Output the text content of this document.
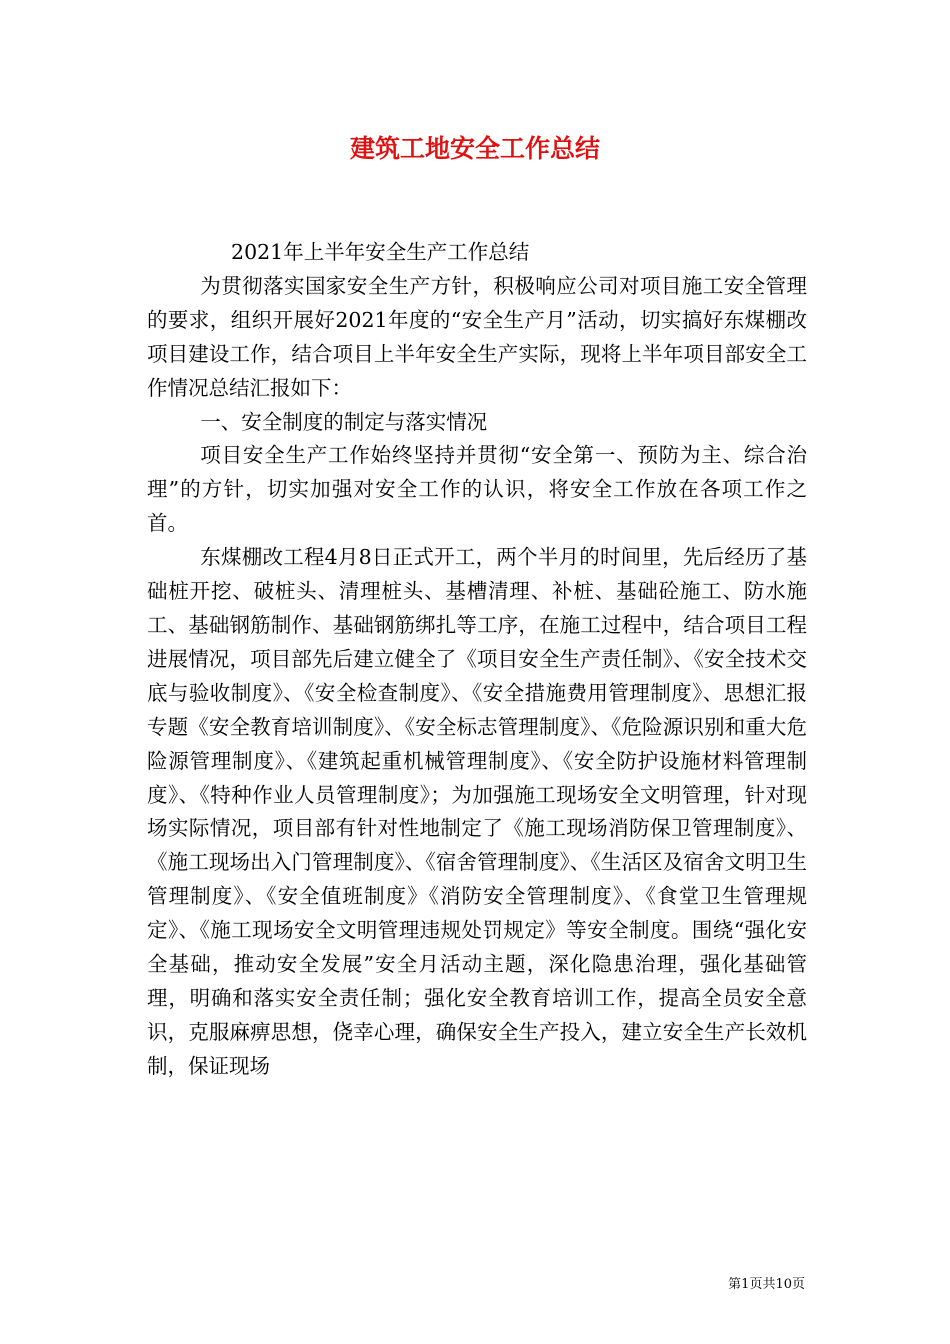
建筑工地安全工作总结

2021年上半年安全生产工作总结

为贯彻落实国家安全生产方针，积极响应公司对项目施工安全管理的要求，组织开展好2021年度的“安全生产月”活动，切实搞好东煤棚改项目建设工作，结合项目上半年安全生产实际，现将上半年项目部安全工作情况总结汇报如下：

一、安全制度的制定与落实情况

项目安全生产工作始终坚持并贯彻“安全第一、预防为主、综合治理”的方针，切实加强对安全工作的认识，将安全工作放在各项工作之首。

东煤棚改工程4月8日正式开工，两个半月的时间里，先后经历了基础桩开挖、破桩头、清理桩头、基槽清理、补桩、基础砼施工、防水施工、基础钢筋制作、基础钢筋绑扎等工序，在施工过程中，结合项目工程进展情况，项目部先后建立健全了《项目安全生产责任制》、《安全技术交底与验收制度》、《安全检查制度》、《安全措施费用管理制度》、思想汇报专题《安全教育培训制度》、《安全标志管理制度》、《危险源识别和重大危险源管理制度》、《建筑起重机械管理制度》、《安全防护设施材料管理制度》、《特种作业人员管理制度》；为加强施工现场安全文明管理，针对现场实际情况，项目部有针对性地制定了《施工现场消防保卫管理制度》、《施工现场出入门管理制度》、《宿舍管理制度》、《生活区及宿舍文明卫生管理制度》、《安全值班制度》《消防安全管理制度》、《食堂卫生管理规定》、《施工现场安全文明管理违规处罚规定》等安全制度。围绕“强化安全基础，推动安全发展”安全月活动主题，深化隐患治理，强化基础管理，明确和落实安全责任制；强化安全教育培训工作，提高全员安全意识，克服麻痹思想，侥幸心理，确保安全生产投入，建立安全生产长效机制，保证现场

第1页共10页
